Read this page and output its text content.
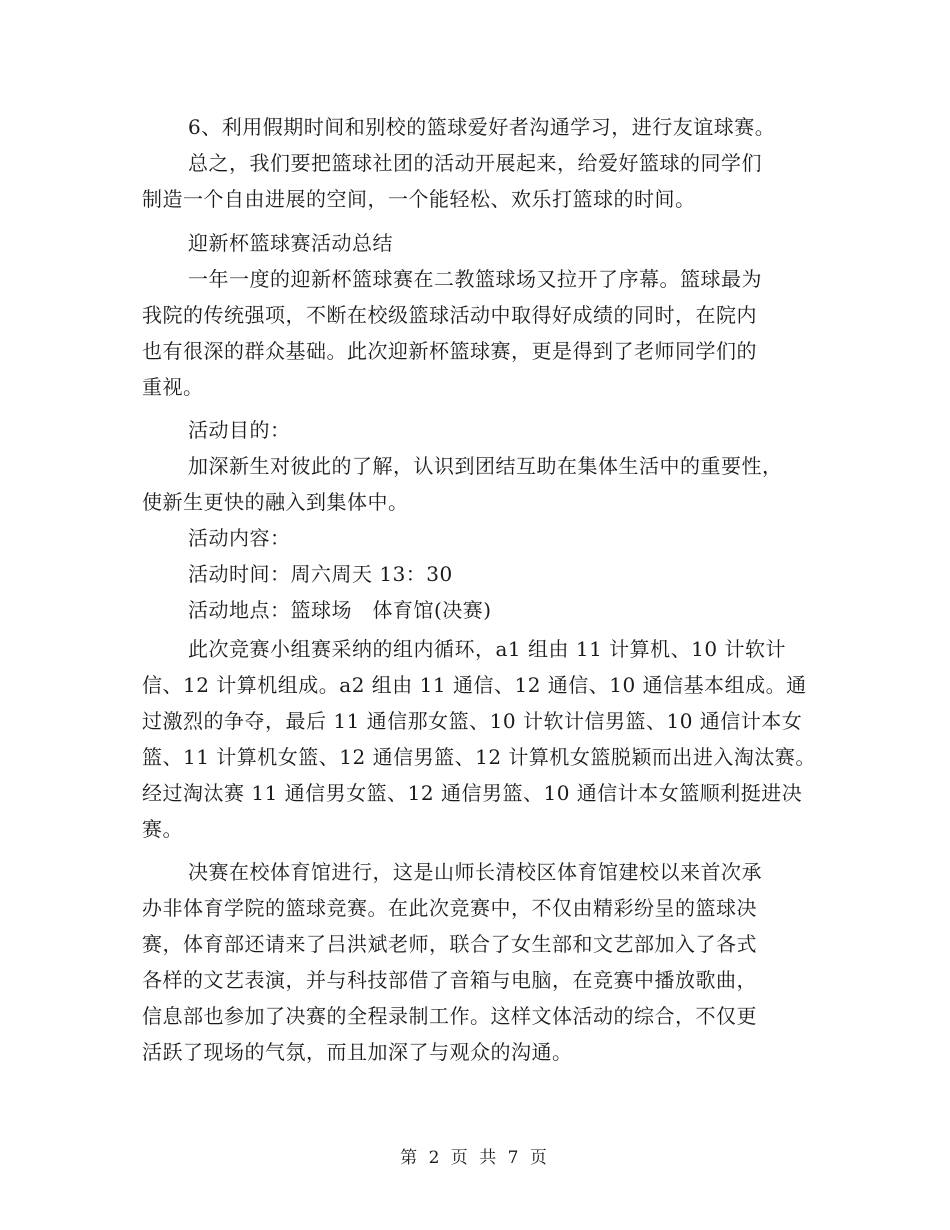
6、利用假期时间和别校的篮球爱好者沟通学习，进行友谊球赛。
总之，我们要把篮球社团的活动开展起来，给爱好篮球的同学们
制造一个自由进展的空间，一个能轻松、欢乐打篮球的时间。
迎新杯篮球赛活动总结
一年一度的迎新杯篮球赛在二教篮球场又拉开了序幕。篮球最为
我院的传统强项，不断在校级篮球活动中取得好成绩的同时，在院内
也有很深的群众基础。此次迎新杯篮球赛，更是得到了老师同学们的
重视。
活动目的：
加深新生对彼此的了解，认识到团结互助在集体生活中的重要性，
使新生更快的融入到集体中。
活动内容：
活动时间：周六周天 13：30
活动地点：篮球场　体育馆(决赛)
此次竞赛小组赛采纳的组内循环，a1 组由 11 计算机、10 计软计
信、12 计算机组成。a2 组由 11 通信、12 通信、10 通信基本组成。通
过激烈的争夺，最后 11 通信那女篮、10 计软计信男篮、10 通信计本女
篮、11 计算机女篮、12 通信男篮、12 计算机女篮脱颖而出进入淘汰赛。
经过淘汰赛 11 通信男女篮、12 通信男篮、10 通信计本女篮顺利挺进决
赛。
决赛在校体育馆进行，这是山师长清校区体育馆建校以来首次承
办非体育学院的篮球竞赛。在此次竞赛中，不仅由精彩纷呈的篮球决
赛，体育部还请来了吕洪斌老师，联合了女生部和文艺部加入了各式
各样的文艺表演，并与科技部借了音箱与电脑，在竞赛中播放歌曲，
信息部也参加了决赛的全程录制工作。这样文体活动的综合，不仅更
活跃了现场的气氛，而且加深了与观众的沟通。
第 2 页 共 7 页
